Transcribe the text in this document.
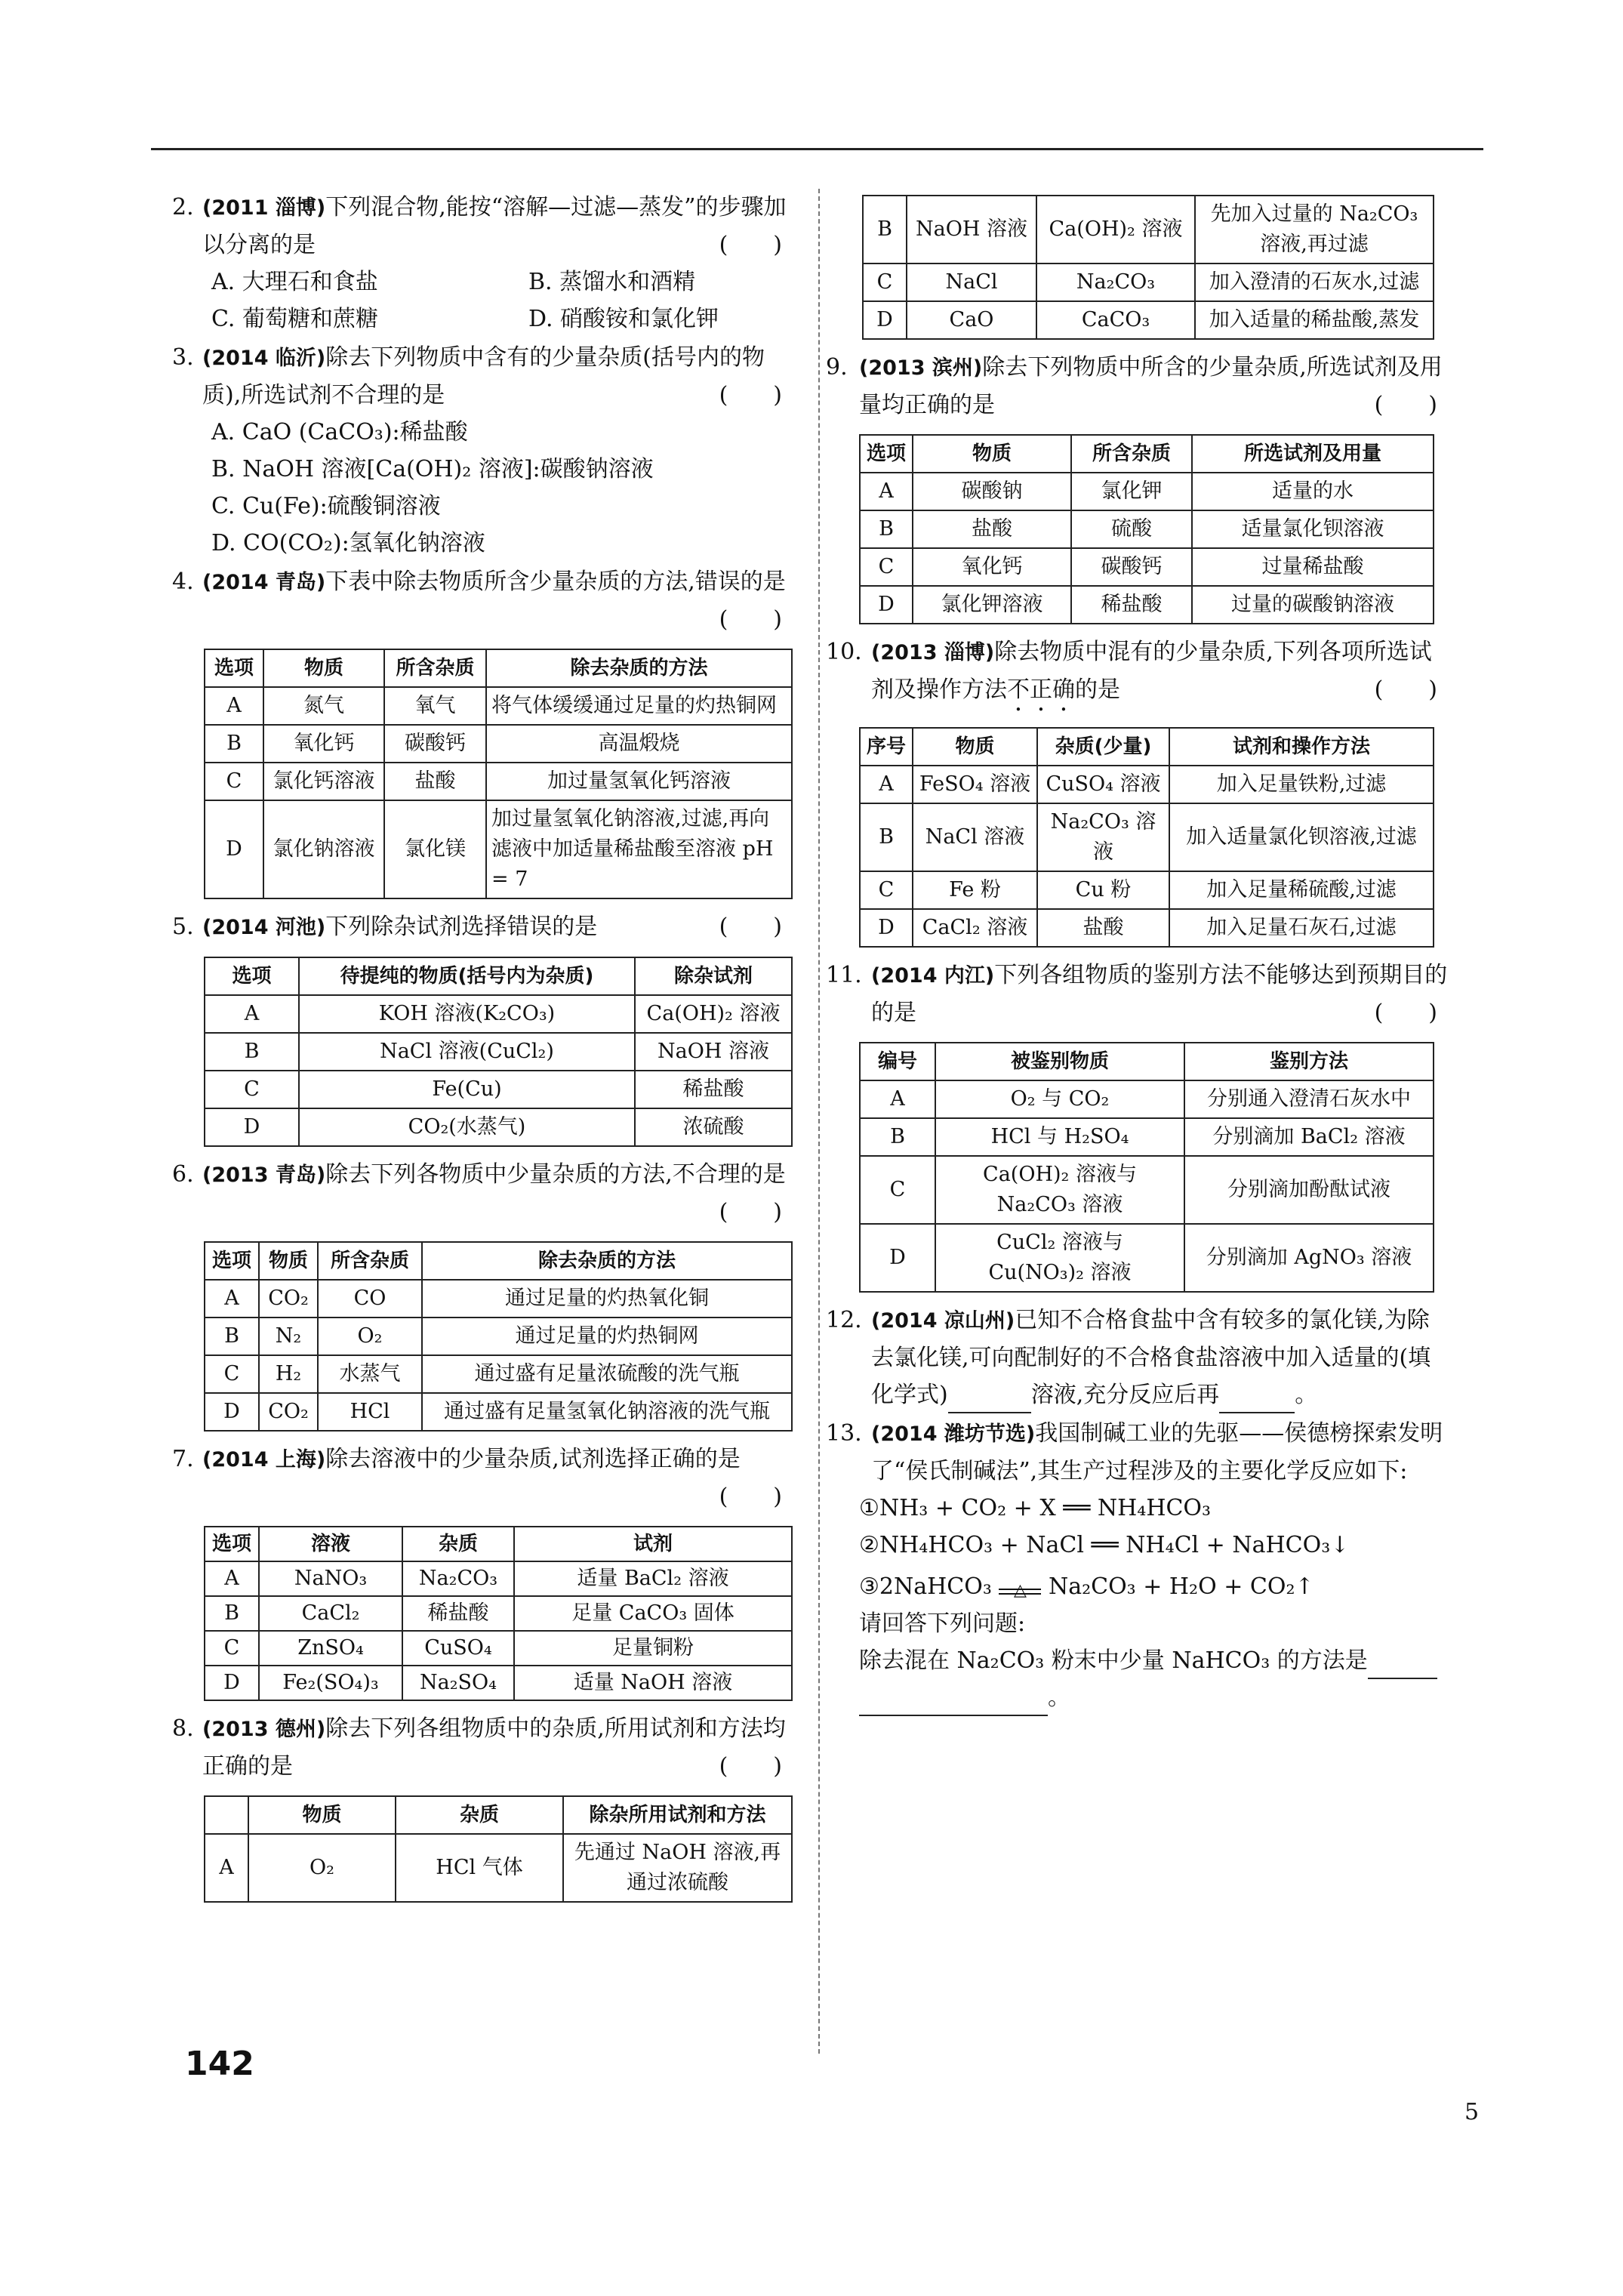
2. (2011 淄博)下列混合物,能按“溶解—过滤—蒸发”的步骤加以分离的是	(　　)
A. 大理石和食盐	B. 蒸馏水和酒精
C. 葡萄糖和蔗糖	D. 硝酸铵和氯化钾
3. (2014 临沂)除去下列物质中含有的少量杂质(括号内的物质),所选试剂不合理的是	(　　)
A. CaO (CaCO₃):稀盐酸
B. NaOH 溶液[Ca(OH)₂ 溶液]:碳酸钠溶液
C. Cu(Fe):硫酸铜溶液
D. CO(CO₂):氢氧化钠溶液
4. (2014 青岛)下表中除去物质所含少量杂质的方法,错误的是
(　　)
选项	物质	所含杂质	除去杂质的方法
A	氮气	氧气	将气体缓缓通过足量的灼热铜网
B	氧化钙	碳酸钙	高温煅烧
C	氯化钙溶液	盐酸	加过量氢氧化钙溶液
D	氯化钠溶液	氯化镁	加过量氢氧化钠溶液,过滤,再向滤液中加适量稀盐酸至溶液 pH = 7
5. (2014 河池)下列除杂试剂选择错误的是	(　　)
选项	待提纯的物质(括号内为杂质)	除杂试剂
A	KOH 溶液(K₂CO₃)	Ca(OH)₂ 溶液
B	NaCl 溶液(CuCl₂)	NaOH 溶液
C	Fe(Cu)	稀盐酸
D	CO₂(水蒸气)	浓硫酸
6. (2013 青岛)除去下列各物质中少量杂质的方法,不合理的是
(　　)
选项	物质	所含杂质	除去杂质的方法
A	CO₂	CO	通过足量的灼热氧化铜
B	N₂	O₂	通过足量的灼热铜网
C	H₂	水蒸气	通过盛有足量浓硫酸的洗气瓶
D	CO₂	HCl	通过盛有足量氢氧化钠溶液的洗气瓶
7. (2014 上海)除去溶液中的少量杂质,试剂选择正确的是

(　　)

选项	溶液	杂质	试剂
A	NaNO₃	Na₂CO₃	适量 BaCl₂ 溶液
B	CaCl₂	稀盐酸	足量 CaCO₃ 固体
C	ZnSO₄	CuSO₄	足量铜粉
D	Fe₂(SO₄)₃	Na₂SO₄	适量 NaOH 溶液
8. (2013 德州)除去下列各组物质中的杂质,所用试剂和方法均正确的是	(　　)
	物质	杂质	除杂所用试剂和方法
A	O₂	HCl 气体	先通过 NaOH 溶液,再通过浓硫酸
B	NaOH 溶液	Ca(OH)₂ 溶液	先加入过量的 Na₂CO₃ 溶液,再过滤
C	NaCl	Na₂CO₃	加入澄清的石灰水,过滤
D	CaO	CaCO₃	加入适量的稀盐酸,蒸发
9. (2013 滨州)除去下列物质中所含的少量杂质,所选试剂及用量均正确的是	(　　)
选项	物质	所含杂质	所选试剂及用量
A	碳酸钠	氯化钾	适量的水
B	盐酸	硫酸	适量氯化钡溶液
C	氧化钙	碳酸钙	过量稀盐酸
D	氯化钾溶液	稀盐酸	过量的碳酸钠溶液
10. (2013 淄博)除去物质中混有的少量杂质,下列各项所选试剂及操作方法不正确的是	(　　)
序号	物质	杂质(少量)	试剂和操作方法
A	FeSO₄ 溶液	CuSO₄ 溶液	加入足量铁粉,过滤
B	NaCl 溶液	Na₂CO₃ 溶液	加入适量氯化钡溶液,过滤
C	Fe 粉	Cu 粉	加入足量稀硫酸,过滤
D	CaCl₂ 溶液	盐酸	加入足量石灰石,过滤
11. (2014 内江)下列各组物质的鉴别方法不能够达到预期目的的是	(　　)
编号	被鉴别物质	鉴别方法
A	O₂ 与 CO₂	分别通入澄清石灰水中
B	HCl 与 H₂SO₄	分别滴加 BaCl₂ 溶液
C	Ca(OH)₂ 溶液与 Na₂CO₃ 溶液	分别滴加酚酞试液
D	CuCl₂ 溶液与 Cu(NO₃)₂ 溶液	分别滴加 AgNO₃ 溶液
12. (2014 凉山州)已知不合格食盐中含有较多的氯化镁,为除去氯化镁,可向配制好的不合格食盐溶液中加入适量的(填化学式)	溶液,充分反应后再	。
13. (2014 潍坊节选)我国制碱工业的先驱——侯德榜探索发明了“侯氏制碱法”,其生产过程涉及的主要化学反应如下:
①NH₃ + CO₂ + X ══ NH₄HCO₃
②NH₄HCO₃ + NaCl ══ NH₄Cl + NaHCO₃↓
③2NaHCO₃	△ Na₂CO₃ + H₂O + CO₂↑
请回答下列问题:
除去混在 Na₂CO₃ 粉末中少量 NaHCO₃ 的方法是
。
142
5
